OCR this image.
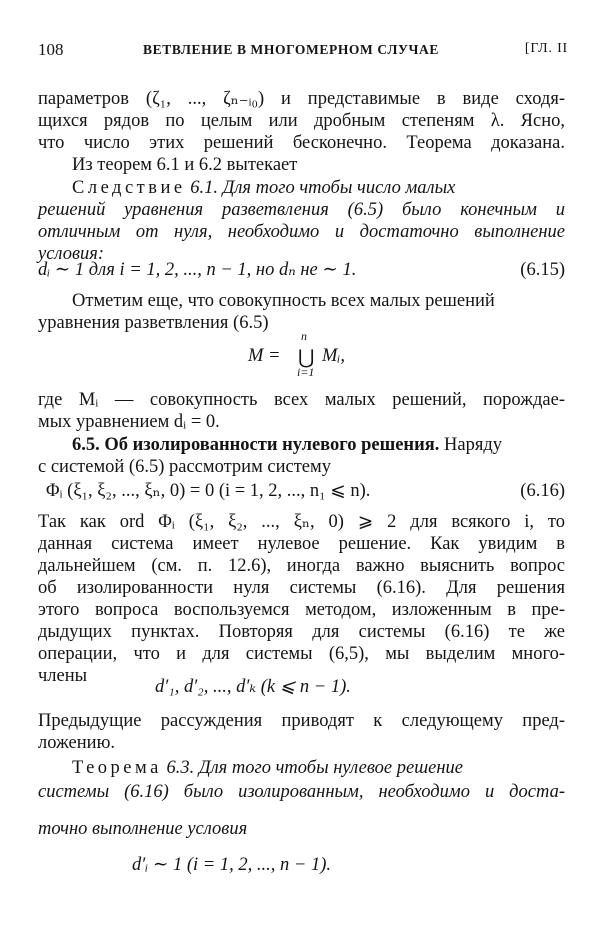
108	ВЕТВЛЕНИЕ В МНОГОМЕРНОМ СЛУЧАЕ	[ГЛ. II
параметров (ζ₁, ..., ζₙ₋ᵢ₀) и представимые в виде сходя-
щихся рядов по целым или дробным степеням λ. Ясно,
что число этих решений бесконечно. Теорема доказана.
Из теорем 6.1 и 6.2 вытекает
Следствие 6.1. Для того чтобы число малых
решений уравнения разветвления (6.5) было конечным и
отличным от нуля, необходимо и достаточно выполнение
условия:
dᵢ ∼ 1 для i = 1, 2, ..., n − 1, но dₙ не ∼ 1.	(6.15)
Отметим еще, что совокупность всех малых решений
уравнения разветвления (6.5)
M =
n
⋃
i=1
Mᵢ,
где Mᵢ — совокупность всех малых решений, порождае-
мых уравнением dᵢ = 0.
6.5. Об изолированности нулевого решения. Наряду
с системой (6.5) рассмотрим систему
Φᵢ (ξ₁, ξ₂, ..., ξₙ, 0) = 0 (i = 1, 2, ..., n₁ ⩽ n).	(6.16)
Так как ord Φᵢ (ξ₁, ξ₂, ..., ξₙ, 0) ⩾ 2 для всякого i, то
данная система имеет нулевое решение. Как увидим в
дальнейшем (см. п. 12.6), иногда важно выяснить вопрос
об изолированности нуля системы (6.16). Для решения
этого вопроса воспользуемся методом, изложенным в пре-
дыдущих пунктах. Повторяя для системы (6.16) те же
операции, что и для системы (6,5), мы выделим много-
члены
d′₁, d′₂, ..., d′ₖ (k ⩽ n − 1).
Предыдущие рассуждения приводят к следующему пред-
ложению.
Теорема 6.3. Для того чтобы нулевое решение
системы (6.16) было изолированным, необходимо и доста-
точно выполнение условия
d′ᵢ ∼ 1 (i = 1, 2, ..., n − 1).
